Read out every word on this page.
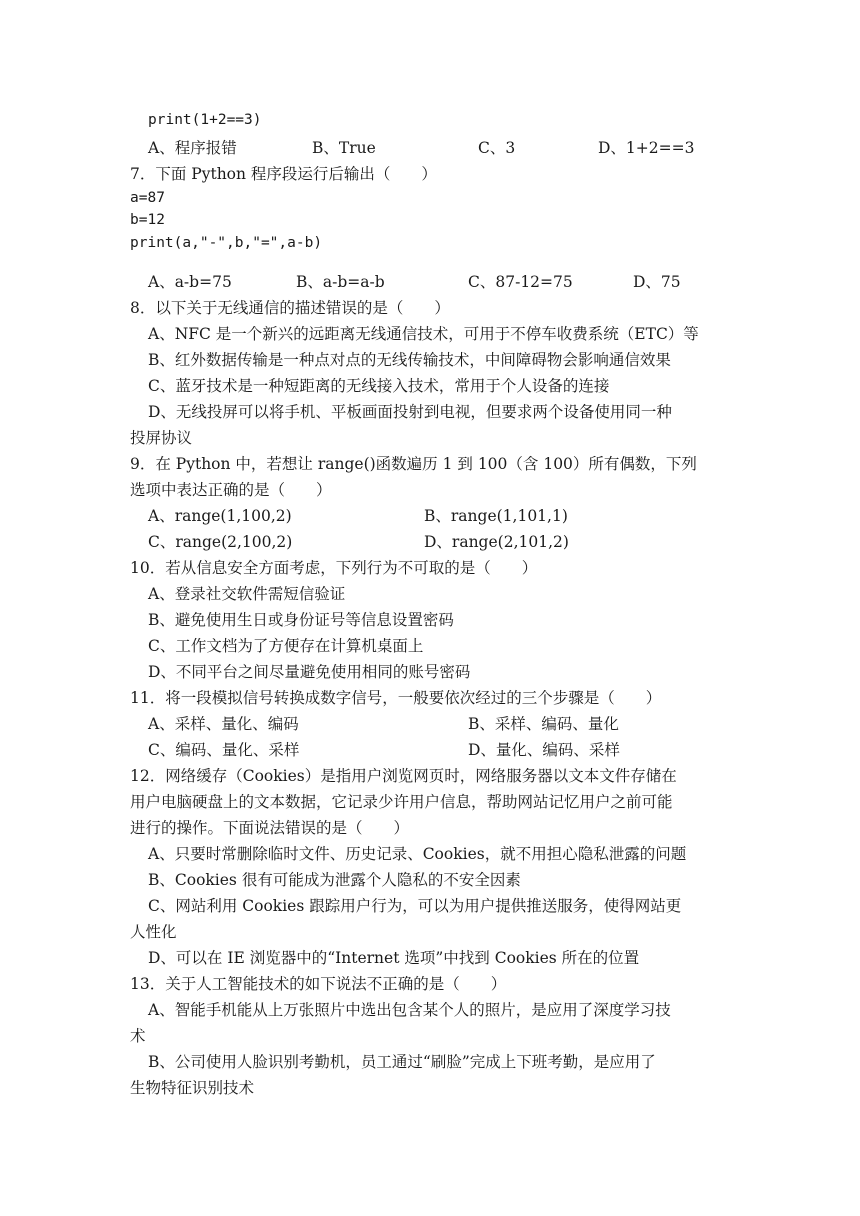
print(1+2==3)
A、程序报错	B、True	C、3	D、1+2==3
7．下面 Python 程序段运行后输出（　　）
a=87
b=12
print(a,"-",b,"=",a-b)
A、a-b=75	B、a-b=a-b	C、87-12=75	D、75
8．以下关于无线通信的描述错误的是（　　）
A、NFC 是一个新兴的远距离无线通信技术，可用于不停车收费系统（ETC）等
B、红外数据传输是一种点对点的无线传输技术，中间障碍物会影响通信效果
C、蓝牙技术是一种短距离的无线接入技术，常用于个人设备的连接
D、无线投屏可以将手机、平板画面投射到电视，但要求两个设备使用同一种
投屏协议
9．在 Python 中，若想让 range()函数遍历 1 到 100（含 100）所有偶数，下列
选项中表达正确的是（　　）
A、range(1,100,2)	B、range(1,101,1)
C、range(2,100,2)	D、range(2,101,2)
10．若从信息安全方面考虑，下列行为不可取的是（　　）
A、登录社交软件需短信验证
B、避免使用生日或身份证号等信息设置密码
C、工作文档为了方便存在计算机桌面上
D、不同平台之间尽量避免使用相同的账号密码
11．将一段模拟信号转换成数字信号，一般要依次经过的三个步骤是（　　）
A、采样、量化、编码	B、采样、编码、量化
C、编码、量化、采样	D、量化、编码、采样
12．网络缓存（Cookies）是指用户浏览网页时，网络服务器以文本文件存储在
用户电脑硬盘上的文本数据，它记录少许用户信息，帮助网站记忆用户之前可能
进行的操作。下面说法错误的是（　　）
A、只要时常删除临时文件、历史记录、Cookies，就不用担心隐私泄露的问题
B、Cookies 很有可能成为泄露个人隐私的不安全因素
C、网站利用 Cookies 跟踪用户行为，可以为用户提供推送服务，使得网站更
人性化
D、可以在 IE 浏览器中的“Internet 选项”中找到 Cookies 所在的位置
13．关于人工智能技术的如下说法不正确的是（　　）
A、智能手机能从上万张照片中选出包含某个人的照片，是应用了深度学习技
术
B、公司使用人脸识别考勤机，员工通过“刷脸”完成上下班考勤，是应用了
生物特征识别技术
